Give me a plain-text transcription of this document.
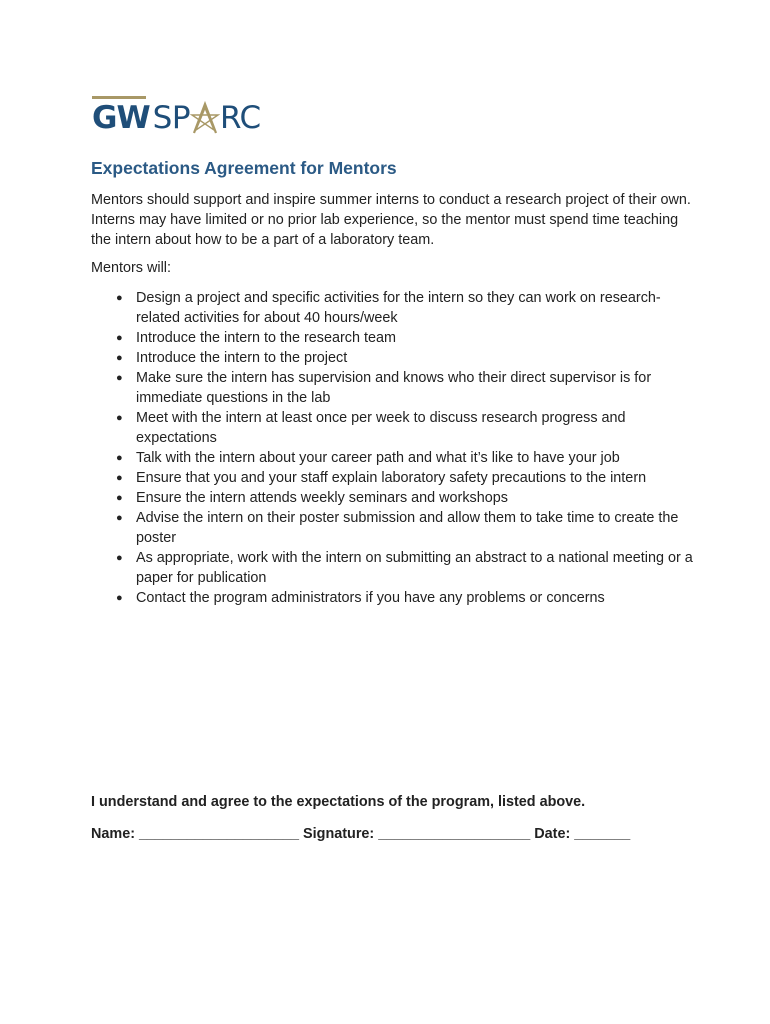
GW SP RC
Expectations Agreement for Mentors

Mentors should support and inspire summer interns to conduct a research project of their own. Interns may have limited or no prior lab experience, so the mentor must spend time teaching the intern about how to be a part of a laboratory team.

Mentors will:

● Design a project and specific activities for the intern so they can work on research-related activities for about 40 hours/week
● Introduce the intern to the research team
● Introduce the intern to the project
● Make sure the intern has supervision and knows who their direct supervisor is for immediate questions in the lab
● Meet with the intern at least once per week to discuss research progress and expectations
● Talk with the intern about your career path and what it’s like to have your job
● Ensure that you and your staff explain laboratory safety precautions to the intern
● Ensure the intern attends weekly seminars and workshops
● Advise the intern on their poster submission and allow them to take time to create the poster
● As appropriate, work with the intern on submitting an abstract to a national meeting or a paper for publication
● Contact the program administrators if you have any problems or concerns

I understand and agree to the expectations of the program, listed above.

Name: ____________________ Signature: ___________________ Date: _______
